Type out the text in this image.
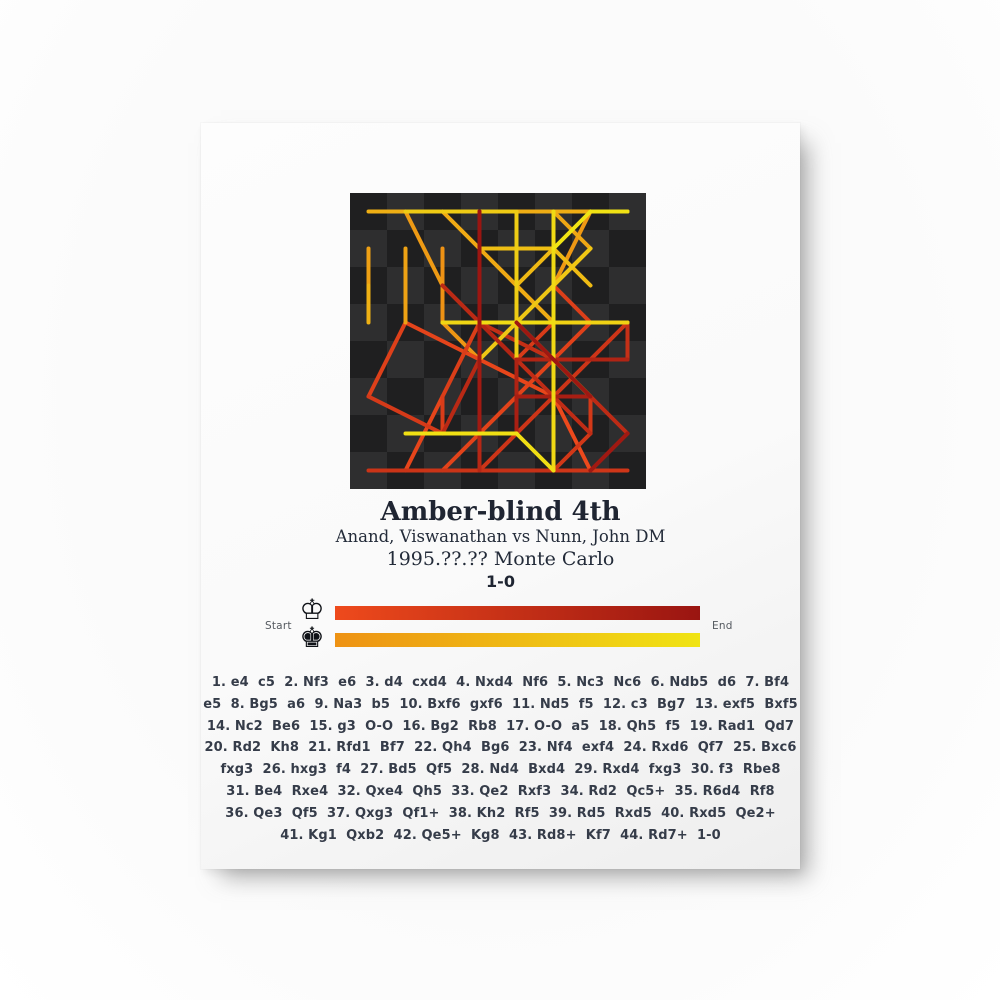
Amber-blind 4th
Anand, Viswanathan vs Nunn, John DM
1995.??.?? Monte Carlo
1-0
Start ♔
♚	End
1. e4  c5  2. Nf3  e6  3. d4  cxd4  4. Nxd4  Nf6  5. Nc3  Nc6  6. Ndb5  d6  7. Bf4
e5  8. Bg5  a6  9. Na3  b5  10. Bxf6  gxf6  11. Nd5  f5  12. c3  Bg7  13. exf5  Bxf5
14. Nc2  Be6  15. g3  O-O  16. Bg2  Rb8  17. O-O  a5  18. Qh5  f5  19. Rad1  Qd7
20. Rd2  Kh8  21. Rfd1  Bf7  22. Qh4  Bg6  23. Nf4  exf4  24. Rxd6  Qf7  25. Bxc6
fxg3  26. hxg3  f4  27. Bd5  Qf5  28. Nd4  Bxd4  29. Rxd4  fxg3  30. f3  Rbe8
31. Be4  Rxe4  32. Qxe4  Qh5  33. Qe2  Rxf3  34. Rd2  Qc5+  35. R6d4  Rf8
36. Qe3  Qf5  37. Qxg3  Qf1+  38. Kh2  Rf5  39. Rd5  Rxd5  40. Rxd5  Qe2+
41. Kg1  Qxb2  42. Qe5+  Kg8  43. Rd8+  Kf7  44. Rd7+  1-0
